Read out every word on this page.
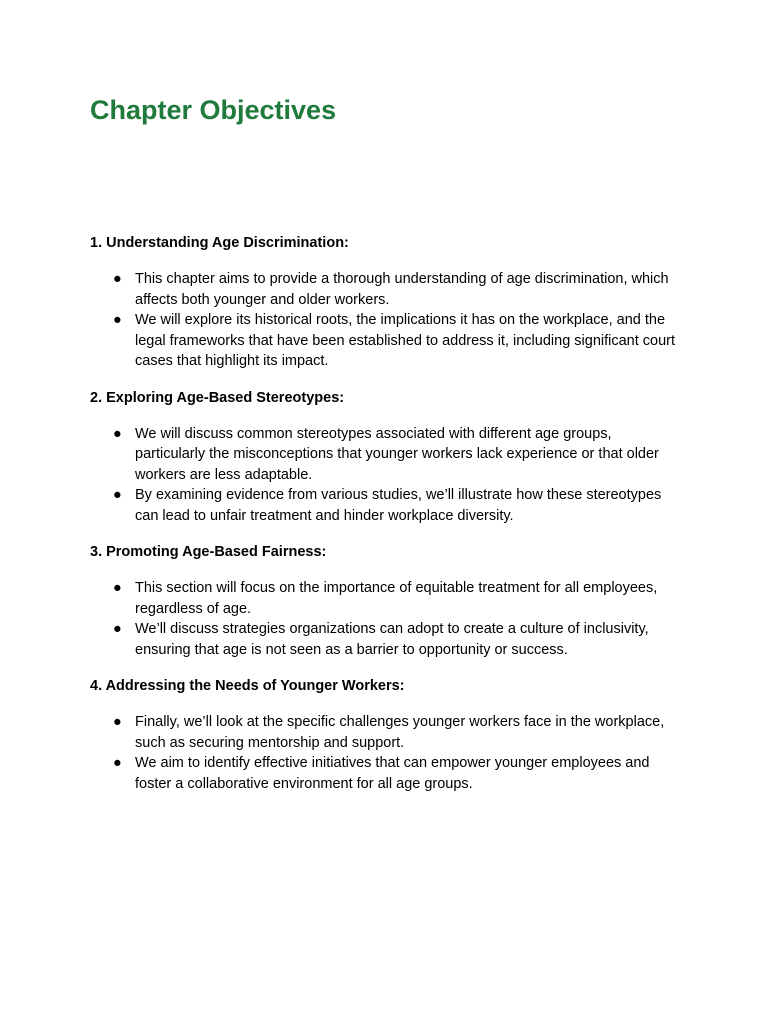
Chapter Objectives

1. Understanding Age Discrimination:

● This chapter aims to provide a thorough understanding of age discrimination, which affects both younger and older workers.
● We will explore its historical roots, the implications it has on the workplace, and the legal frameworks that have been established to address it, including significant court cases that highlight its impact.

2. Exploring Age-Based Stereotypes:

● We will discuss common stereotypes associated with different age groups, particularly the misconceptions that younger workers lack experience or that older workers are less adaptable.
● By examining evidence from various studies, we’ll illustrate how these stereotypes can lead to unfair treatment and hinder workplace diversity.

3. Promoting Age-Based Fairness:

● This section will focus on the importance of equitable treatment for all employees, regardless of age.
● We’ll discuss strategies organizations can adopt to create a culture of inclusivity, ensuring that age is not seen as a barrier to opportunity or success.

4. Addressing the Needs of Younger Workers:

● Finally, we’ll look at the specific challenges younger workers face in the workplace, such as securing mentorship and support.
● We aim to identify effective initiatives that can empower younger employees and foster a collaborative environment for all age groups.
